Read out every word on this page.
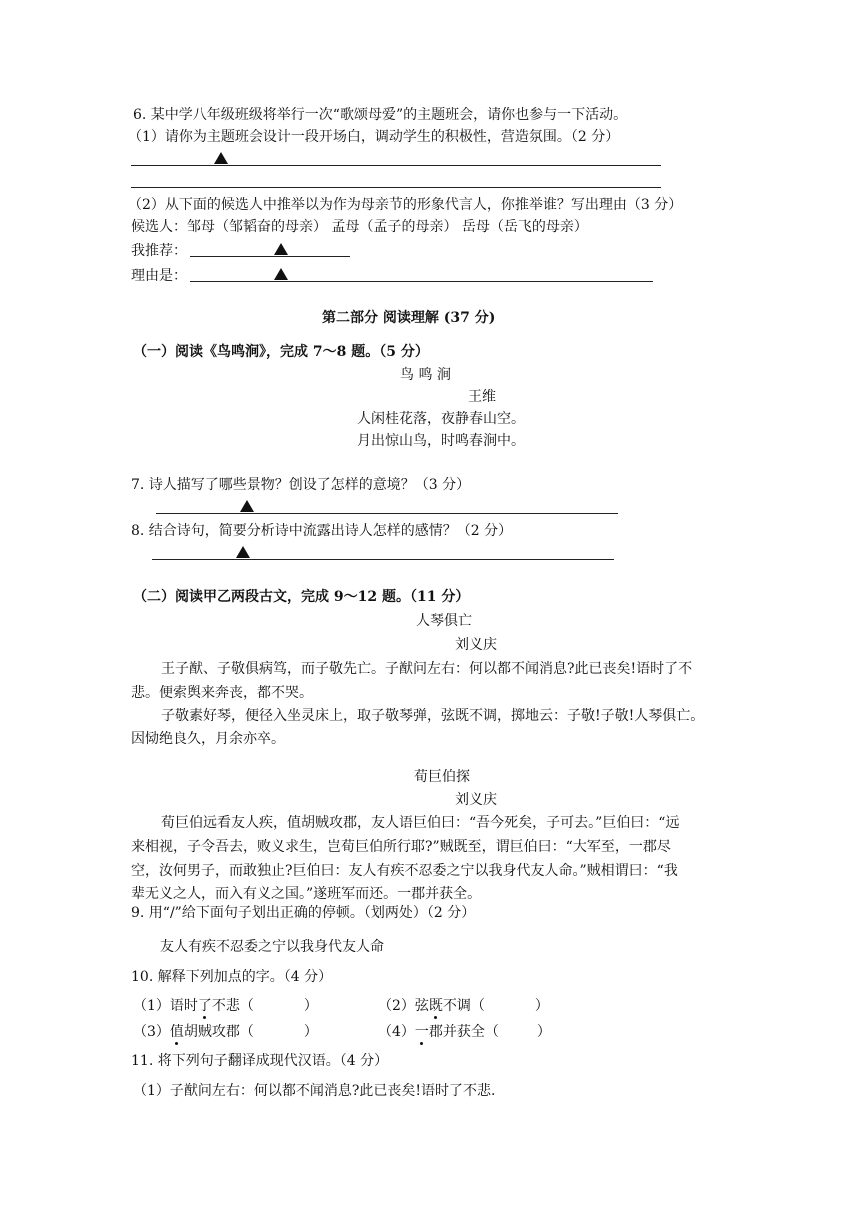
6. 某中学八年级班级将举行一次“歌颂母爱”的主题班会，请你也参与一下活动。
（1）请你为主题班会设计一段开场白，调动学生的积极性，营造氛围。（2 分）
（2）从下面的候选人中推举以为作为母亲节的形象代言人，你推举谁？写出理由（3 分）
候选人：邹母（邹韬奋的母亲） 孟母（孟子的母亲） 岳母（岳飞的母亲）
我推荐：
理由是：
第二部分 阅读理解 (37 分)
（一）阅读《鸟鸣涧》，完成 7～8 题。（5 分）
鸟 鸣 涧
王维
人闲桂花落，夜静春山空。
月出惊山鸟，时鸣春涧中。
7. 诗人描写了哪些景物？创设了怎样的意境？（3 分）
8. 结合诗句，简要分析诗中流露出诗人怎样的感情？（2 分）
（二）阅读甲乙两段古文，完成 9～12 题。（11 分）
人琴俱亡
刘义庆
王子猷、子敬俱病笃，而子敬先亡。子猷问左右：何以都不闻消息?此已丧矣!语时了不
悲。便索舆来奔丧，都不哭。
子敬素好琴，便径入坐灵床上，取子敬琴弹，弦既不调，掷地云：子敬!子敬!人琴俱亡。
因恸绝良久，月余亦卒。
荀巨伯探
刘义庆
荀巨伯远看友人疾，值胡贼攻郡，友人语巨伯曰：“吾今死矣，子可去。”巨伯曰：“远
来相视，子令吾去，败义求生，岂荀巨伯所行耶?”贼既至，谓巨伯曰：“大军至，一郡尽
空，汝何男子，而敢独止?巨伯曰：友人有疾不忍委之宁以我身代友人命。”贼相谓曰：“我
辈无义之人，而入有义之国。”遂班军而还。一郡并获全。
9. 用“/”给下面句子划出正确的停顿。（划两处）（2 分）
友人有疾不忍委之宁以我身代友人命
10. 解释下列加点的字。（4 分）
（1）语时了不悲（	）	（2）弦既不调（	）
（3）值胡贼攻郡（	）	（4）一郡并获全（	）
11. 将下列句子翻译成现代汉语。（4 分）
（1）子猷问左右：何以都不闻消息?此已丧矣!语时了不悲.
